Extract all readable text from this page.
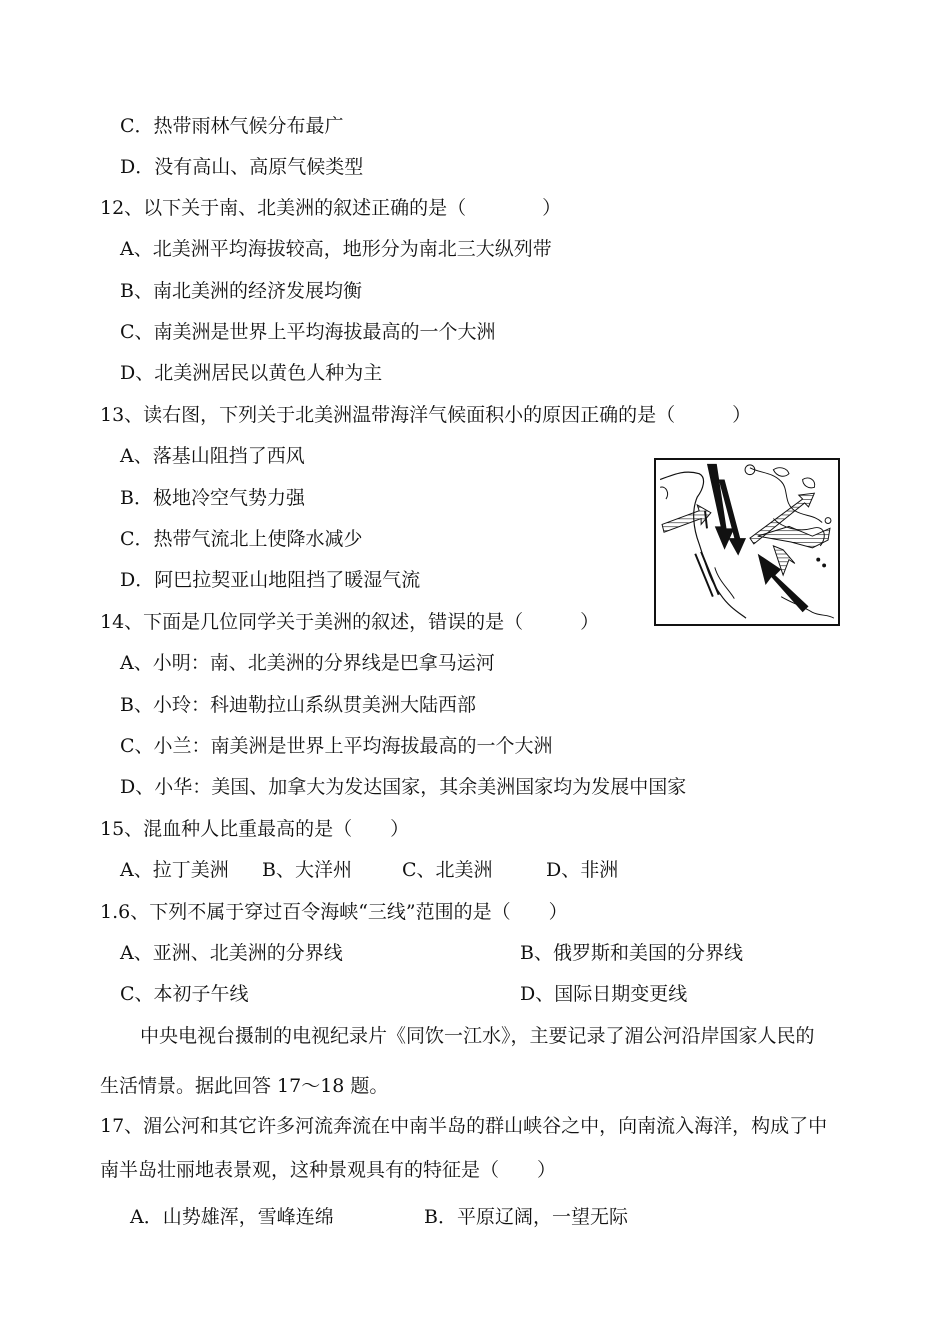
C．热带雨林气候分布最广
D．没有高山、高原气候类型
12、以下关于南、北美洲的叙述正确的是（　　　　）
A、北美洲平均海拔较高，地形分为南北三大纵列带
B、南北美洲的经济发展均衡
C、南美洲是世界上平均海拔最高的一个大洲
D、北美洲居民以黄色人种为主
13、读右图，下列关于北美洲温带海洋气候面积小的原因正确的是（　　　）
A、落基山阻挡了西风
B．极地冷空气势力强
C．热带气流北上使降水减少
D．阿巴拉契亚山地阻挡了暖湿气流
14、下面是几位同学关于美洲的叙述，错误的是（　　　）
A、小明：南、北美洲的分界线是巴拿马运河
B、小玲：科迪勒拉山系纵贯美洲大陆西部
C、小兰：南美洲是世界上平均海拔最高的一个大洲
D、小华：美国、加拿大为发达国家，其余美洲国家均为发展中国家
15、混血种人比重最高的是（　　）
A、拉丁美洲 B、大洋州	C、北美洲	D、非洲
1.6、下列不属于穿过百令海峡“三线”范围的是（　　）
A、亚洲、北美洲的分界线	B、俄罗斯和美国的分界线
C、本初子午线	D、国际日期变更线
中央电视台摄制的电视纪录片《同饮一江水》，主要记录了湄公河沿岸国家人民的
生活情景。据此回答 17～18 题。
17、湄公河和其它许多河流奔流在中南半岛的群山峡谷之中，向南流入海洋，构成了中
南半岛壮丽地表景观，这种景观具有的特征是（　　）
A．山势雄浑，雪峰连绵	B．平原辽阔，一望无际
